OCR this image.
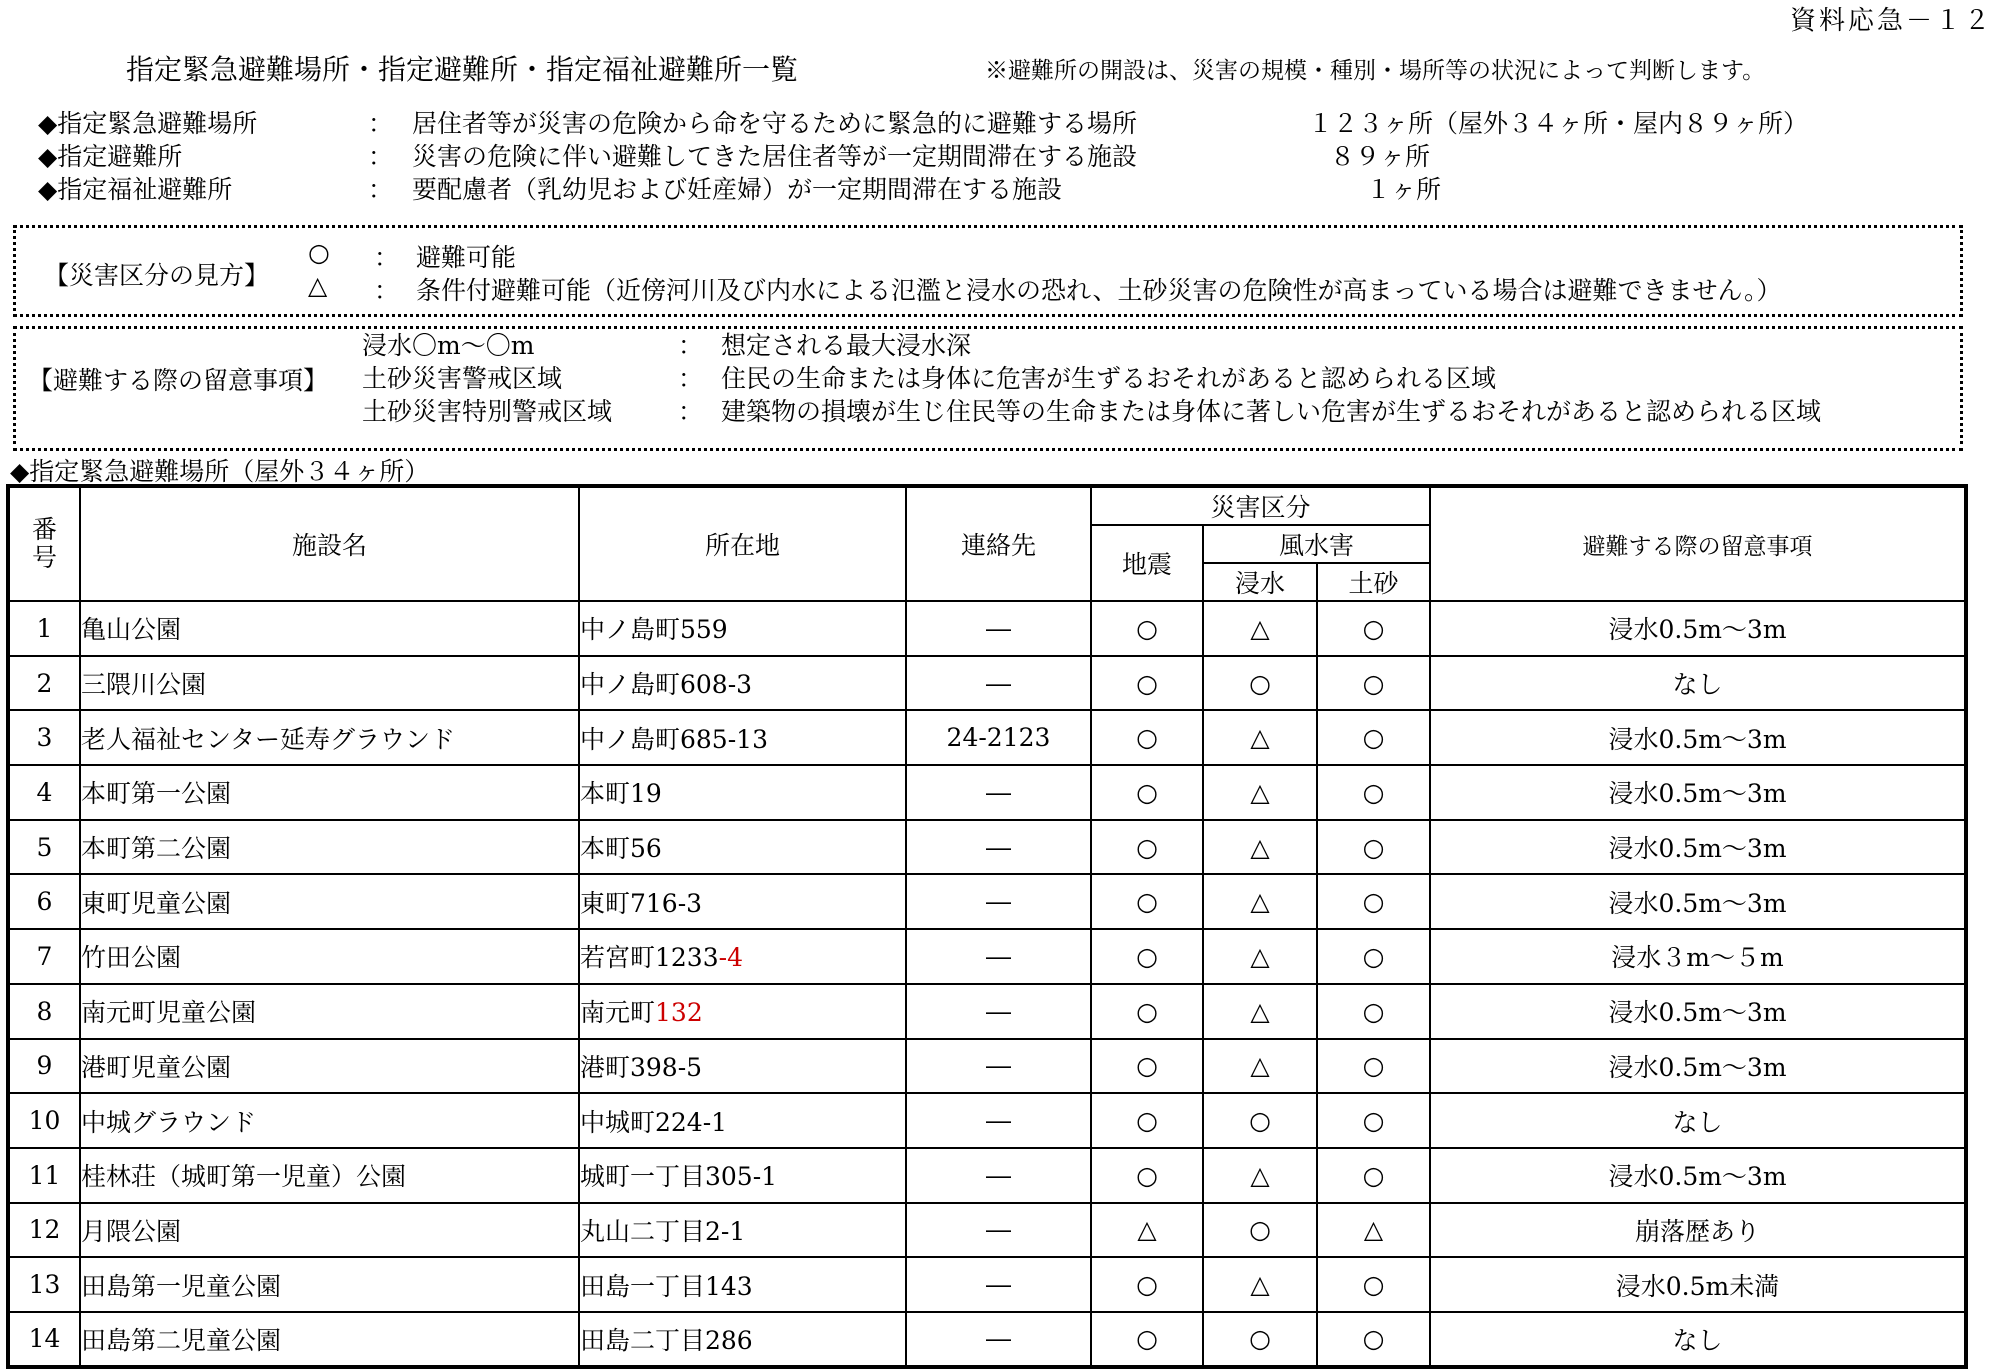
資料応急－１２
指定緊急避難場所・指定避難所・指定福祉避難所一覧	※避難所の開設は、災害の規模・種別・場所等の状況によって判断します。
◆指定緊急避難場所	： 居住者等が災害の危険から命を守るために緊急的に避難する場所	１２３ヶ所（屋外３４ヶ所・屋内８９ヶ所）
◆指定避難所	： 災害の危険に伴い避難してきた居住者等が一定期間滞在する施設	８９ヶ所
◆指定福祉避難所	： 要配慮者（乳幼児および妊産婦）が一定期間滞在する施設	１ヶ所
【災害区分の見方】
○ ： 避難可能
△ ： 条件付避難可能（近傍河川及び内水による氾濫と浸水の恐れ、土砂災害の危険性が高まっている場合は避難できません。）
【避難する際の留意事項】
浸水〇m～〇m	： 想定される最大浸水深
土砂災害警戒区域	： 住民の生命または身体に危害が生ずるおそれがあると認められる区域
土砂災害特別警戒区域	： 建築物の損壊が生じ住民等の生命または身体に著しい危害が生ずるおそれがあると認められる区域
◆指定緊急避難場所（屋外３４ヶ所）
番号	施設名	所在地	連絡先	災害区分			避難する際の留意事項
				地震	風水害		
					浸水	土砂	
1	亀山公園	中ノ島町559	―	○	△	○	浸水0.5m～3m
2	三隈川公園	中ノ島町608-3	―	○	○	○	なし
3	老人福祉センター延寿グラウンド	中ノ島町685-13	24-2123	○	△	○	浸水0.5m～3m
4	本町第一公園	本町19	―	○	△	○	浸水0.5m～3m
5	本町第二公園	本町56	―	○	△	○	浸水0.5m～3m
6	東町児童公園	東町716-3	―	○	△	○	浸水0.5m～3m
7	竹田公園	若宮町1233-4	―	○	△	○	浸水３m～５m
8	南元町児童公園	南元町132	―	○	△	○	浸水0.5m～3m
9	港町児童公園	港町398-5	―	○	△	○	浸水0.5m～3m
10	中城グラウンド	中城町224-1	―	○	○	○	なし
11	桂林荘（城町第一児童）公園	城町一丁目305-1	―	○	△	○	浸水0.5m～3m
12	月隈公園	丸山二丁目2-1	―	△	○	△	崩落歴あり
13	田島第一児童公園	田島一丁目143	―	○	△	○	浸水0.5m未満
14	田島第二児童公園	田島二丁目286	―	○	○	○	なし
